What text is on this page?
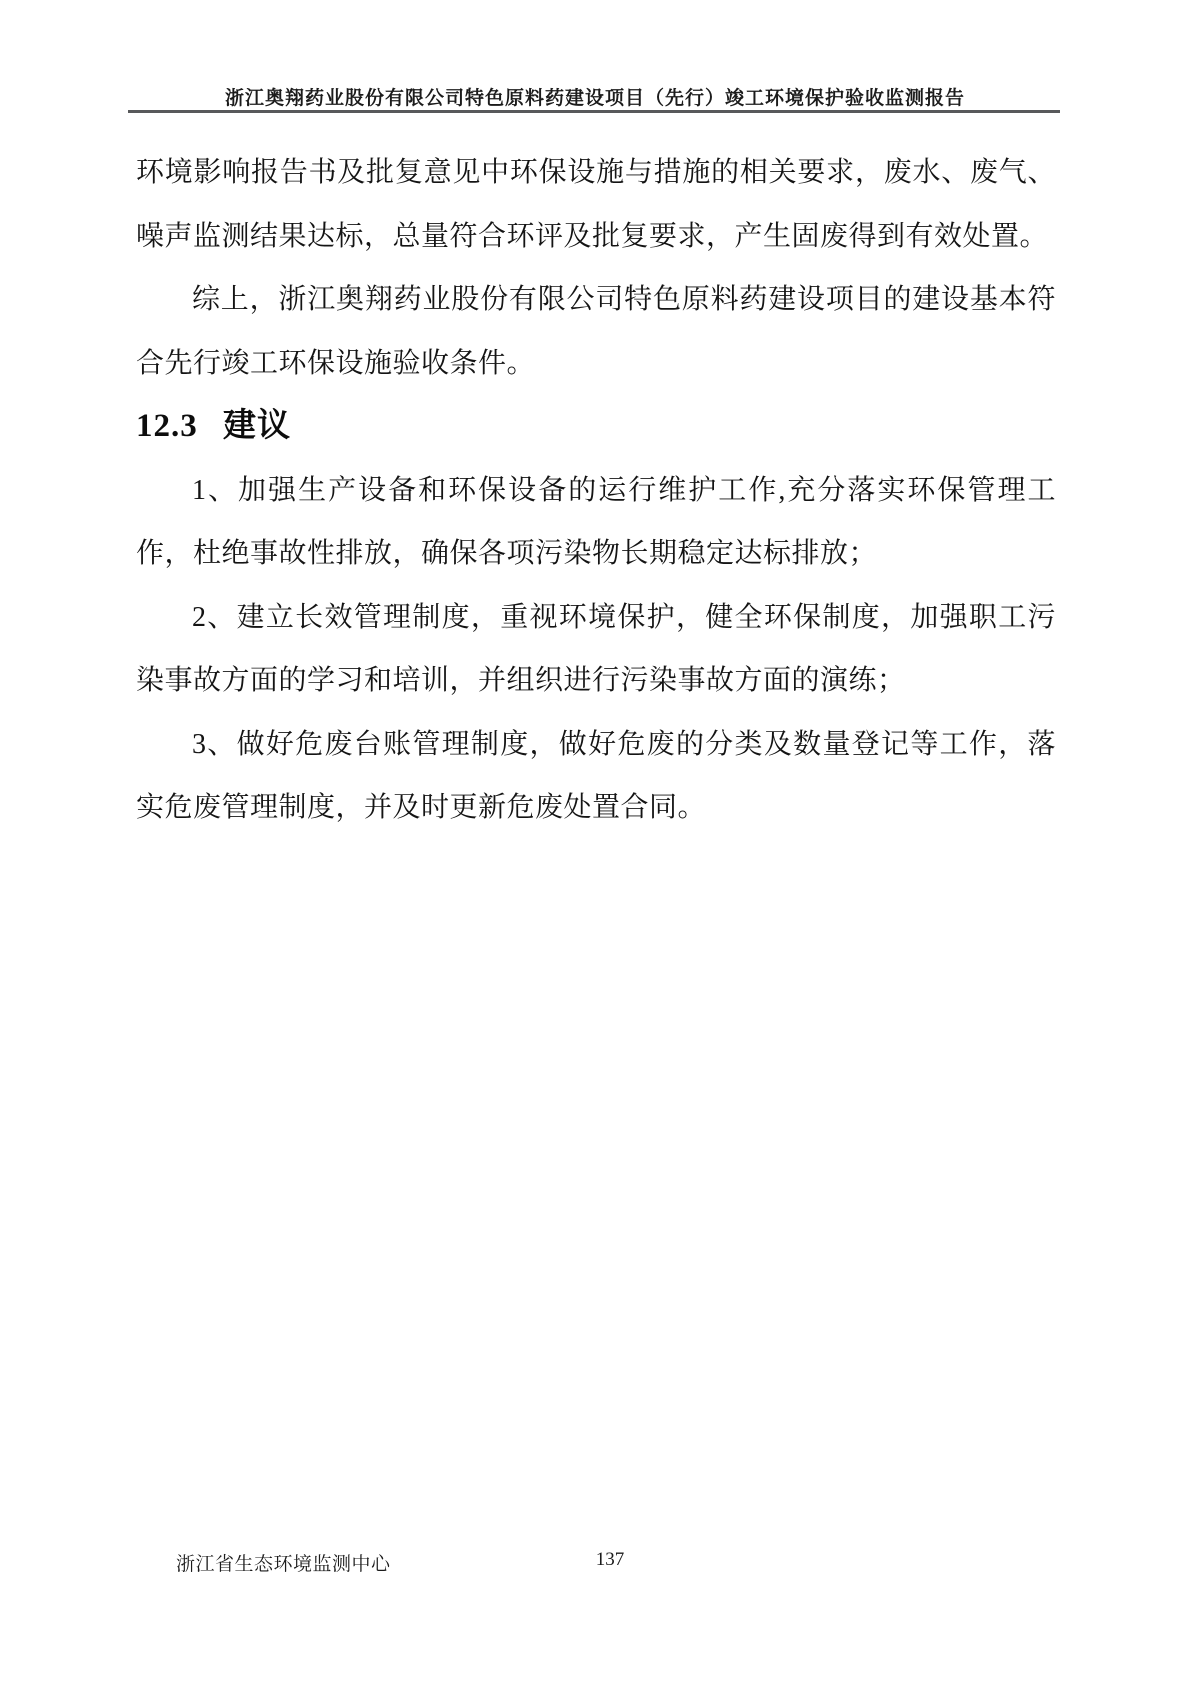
浙江奥翔药业股份有限公司特色原料药建设项目（先行）竣工环境保护验收监测报告

环境影响报告书及批复意见中环保设施与措施的相关要求，废水、废气、噪声监测结果达标，总量符合环评及批复要求，产生固废得到有效处置。

综上，浙江奥翔药业股份有限公司特色原料药建设项目的建设基本符合先行竣工环保设施验收条件。

12.3 建议

1、加强生产设备和环保设备的运行维护工作,充分落实环保管理工作，杜绝事故性排放，确保各项污染物长期稳定达标排放；

2、建立长效管理制度，重视环境保护，健全环保制度，加强职工污染事故方面的学习和培训，并组织进行污染事故方面的演练；

3、做好危废台账管理制度，做好危废的分类及数量登记等工作，落实危废管理制度，并及时更新危废处置合同。

浙江省生态环境监测中心	137
